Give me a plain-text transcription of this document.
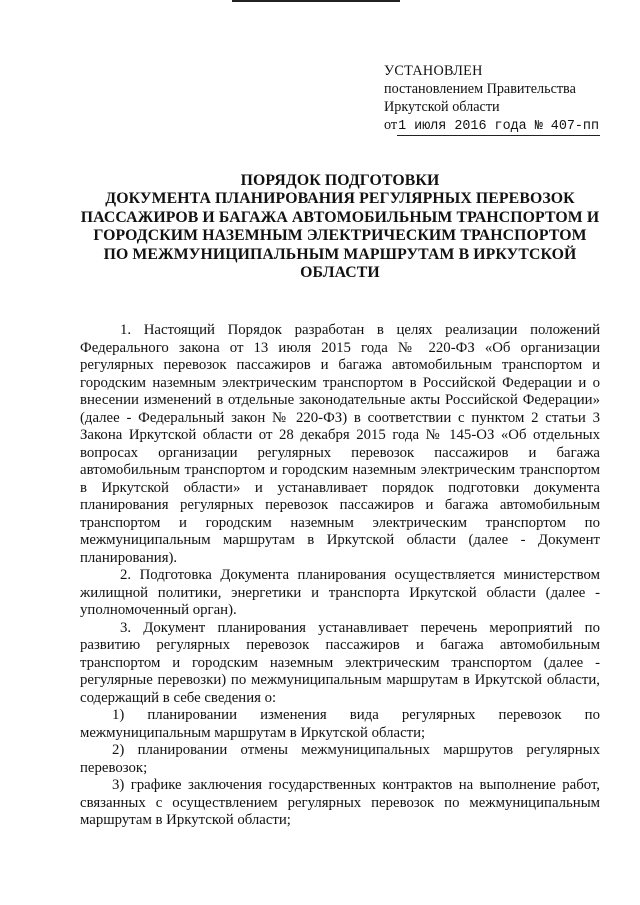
УСТАНОВЛЕН
постановлением Правительства
Иркутской области
от1 июля 2016 года № 407-пп
ПОРЯДОК ПОДГОТОВКИ
ДОКУМЕНТА ПЛАНИРОВАНИЯ РЕГУЛЯРНЫХ ПЕРЕВОЗОК
ПАССАЖИРОВ И БАГАЖА АВТОМОБИЛЬНЫМ ТРАНСПОРТОМ И
ГОРОДСКИМ НАЗЕМНЫМ ЭЛЕКТРИЧЕСКИМ ТРАНСПОРТОМ
ПО МЕЖМУНИЦИПАЛЬНЫМ МАРШРУТАМ В ИРКУТСКОЙ
ОБЛАСТИ

1. Настоящий Порядок разработан в целях реализации положений Федерального закона от 13 июля 2015 года № 220-ФЗ «Об организации регулярных перевозок пассажиров и багажа автомобильным транспортом и городским наземным электрическим транспортом в Российской Федерации и о внесении изменений в отдельные законодательные акты Российской Федерации» (далее - Федеральный закон № 220-ФЗ) в соответствии с пунктом 2 статьи 3 Закона Иркутской области от 28 декабря 2015 года № 145-ОЗ «Об отдельных вопросах организации регулярных перевозок пассажиров и багажа автомобильным транспортом и городским наземным электрическим транспортом в Иркутской области» и устанавливает порядок подготовки документа планирования регулярных перевозок пассажиров и багажа автомобильным транспортом и городским наземным электрическим транспортом по межмуниципальным маршрутам в Иркутской области (далее - Документ планирования).

2. Подготовка Документа планирования осуществляется министерством жилищной политики, энергетики и транспорта Иркутской области (далее - уполномоченный орган).

3. Документ планирования устанавливает перечень мероприятий по развитию регулярных перевозок пассажиров и багажа автомобильным транспортом и городским наземным электрическим транспортом (далее - регулярные перевозки) по межмуниципальным маршрутам в Иркутской области, содержащий в себе сведения о:

1) планировании изменения вида регулярных перевозок по межмуниципальным маршрутам в Иркутской области;

2) планировании отмены межмуниципальных маршрутов регулярных перевозок;

3) графике заключения государственных контрактов на выполнение работ, связанных с осуществлением регулярных перевозок по межмуниципальным маршрутам в Иркутской области;
